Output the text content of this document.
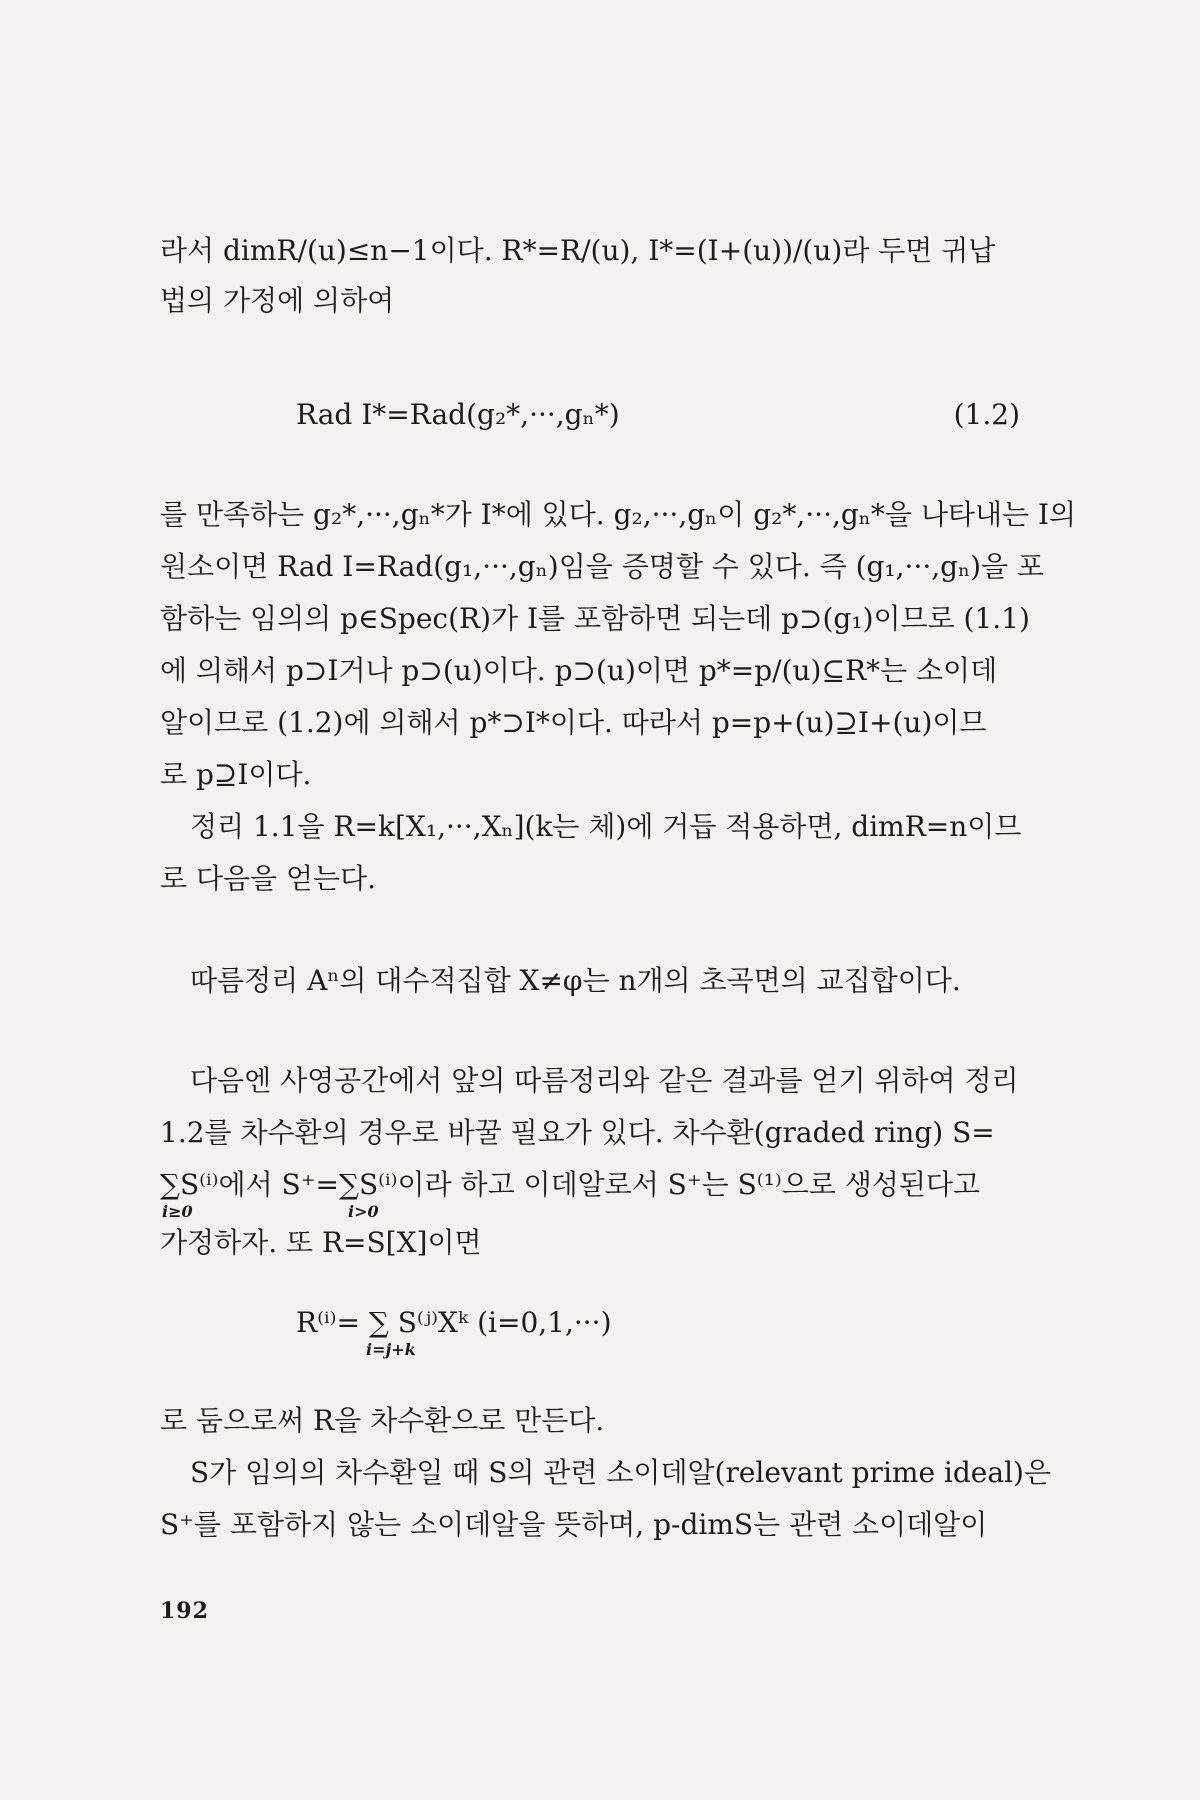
라서 dimR/(u)≤n−1이다. R*=R/(u), I*=(I+(u))/(u)라 두면 귀납
법의 가정에 의하여
Rad I*=Rad(g₂*,···,gₙ*)	(1.2)
를 만족하는 g₂*,···,gₙ*가 I*에 있다. g₂,···,gₙ이 g₂*,···,gₙ*을 나타내는 I의
원소이면 Rad I=Rad(g₁,···,gₙ)임을 증명할 수 있다. 즉 (g₁,···,gₙ)을 포
함하는 임의의 p∈Spec(R)가 I를 포함하면 되는데 p⊃(g₁)이므로 (1.1)
에 의해서 p⊃I거나 p⊃(u)이다. p⊃(u)이면 p*=p/(u)⊆R*는 소이데
알이므로 (1.2)에 의해서 p*⊃I*이다. 따라서 p=p+(u)⊇I+(u)이므
로 p⊇I이다.
정리 1.1을 R=k[X₁,···,Xₙ](k는 체)에 거듭 적용하면, dimR=n이므
로 다음을 얻는다.
따름정리 Aⁿ의 대수적집합 X≠φ는 n개의 초곡면의 교집합이다.
다음엔 사영공간에서 앞의 따름정리와 같은 결과를 얻기 위하여 정리
1.2를 차수환의 경우로 바꿀 필요가 있다. 차수환(graded ring) S=
∑S⁽ⁱ⁾에서 S⁺=∑S⁽ⁱ⁾이라 하고 이데알로서 S⁺는 S⁽¹⁾으로 생성된다고
i≥0	i>0
가정하자. 또 R=S[X]이면
R⁽ⁱ⁾= ∑ S⁽ʲ⁾Xᵏ (i=0,1,···)
i=j+k
로 둠으로써 R을 차수환으로 만든다.
S가 임의의 차수환일 때 S의 관련 소이데알(relevant prime ideal)은
S⁺를 포함하지 않는 소이데알을 뜻하며, p-dimS는 관련 소이데알이
192
